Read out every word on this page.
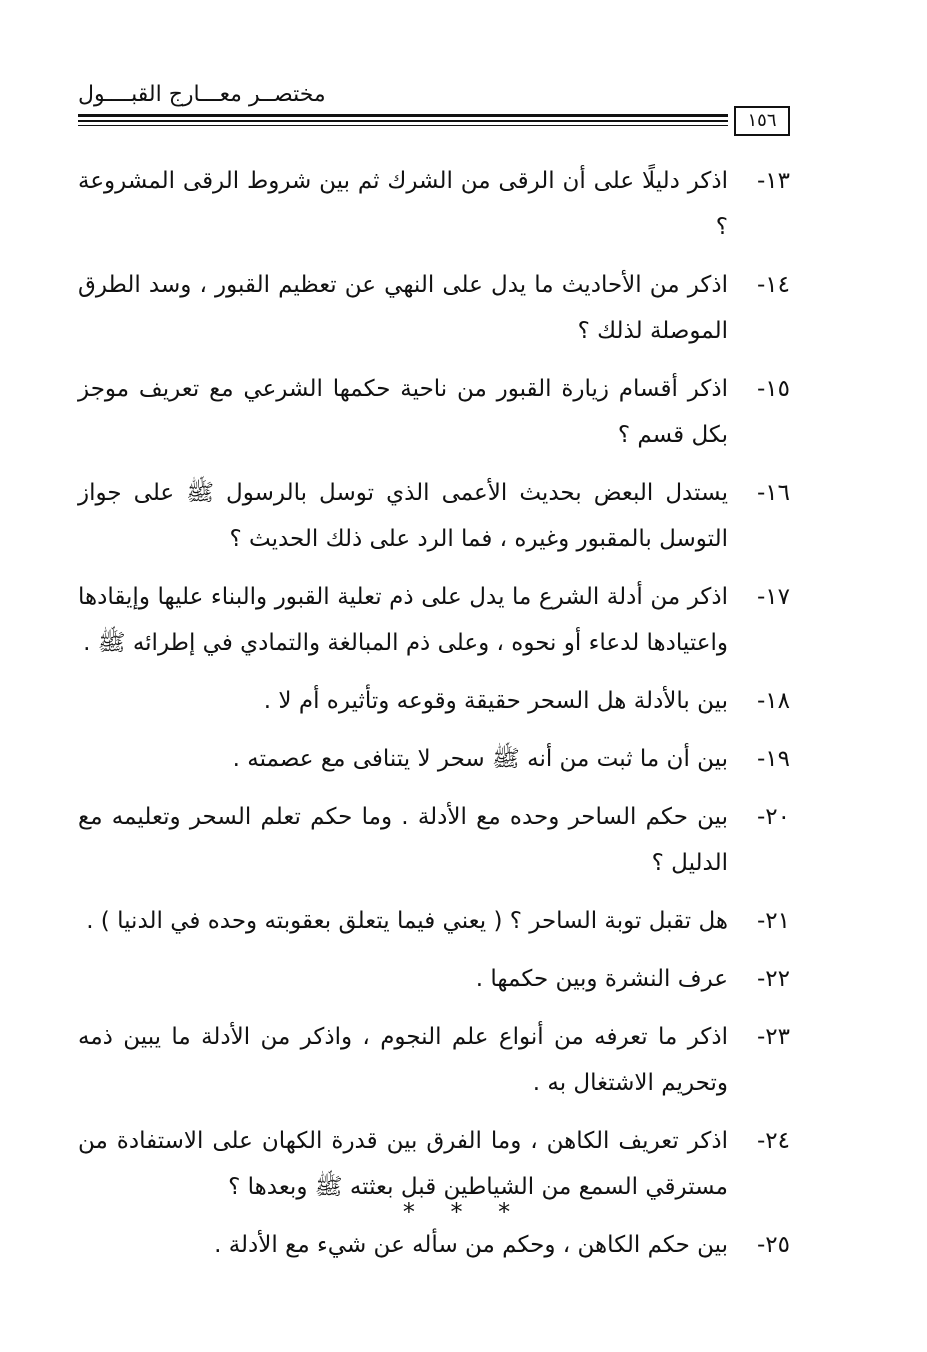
مختصــر معـــارج القبــــول
١٥٦
١٣-
اذكر دليلًا على أن الرقى من الشرك ثم بين شروط الرقى المشروعة ؟
١٤-
اذكر من الأحاديث ما يدل على النهي عن تعظيم القبور ، وسد الطرق الموصلة لذلك ؟
١٥-
اذكر أقسام زيارة القبور من ناحية حكمها الشرعي مع تعريف موجز بكل قسم ؟
١٦-
يستدل البعض بحديث الأعمى الذي توسل بالرسول ﷺ على جواز التوسل بالمقبور وغيره ، فما الرد على ذلك الحديث ؟
١٧-
اذكر من أدلة الشرع ما يدل على ذم تعلية القبور والبناء عليها وإيقادها واعتيادها لدعاء أو نحوه ، وعلى ذم المبالغة والتمادي في إطرائه ﷺ .
١٨-
بين بالأدلة هل السحر حقيقة وقوعه وتأثيره أم لا .
١٩-
بين أن ما ثبت من أنه ﷺ سحر لا يتنافى مع عصمته .
٢٠-
بين حكم الساحر وحده مع الأدلة . وما حكم تعلم السحر وتعليمه مع الدليل ؟
٢١-
هل تقبل توبة الساحر ؟ ( يعني فيما يتعلق بعقوبته وحده في الدنيا ) .
٢٢-
عرف النشرة وبين حكمها .
٢٣-
اذكر ما تعرفه من أنواع علم النجوم ، واذكر من الأدلة ما يبين ذمه وتحريم الاشتغال به .
٢٤-
اذكر تعريف الكاهن ، وما الفرق بين قدرة الكهان على الاستفادة من مسترقي السمع من الشياطين قبل بعثته ﷺ وبعدها ؟
٢٥-
بين حكم الكاهن ، وحكم من سأله عن شيء مع الأدلة .
* * *
